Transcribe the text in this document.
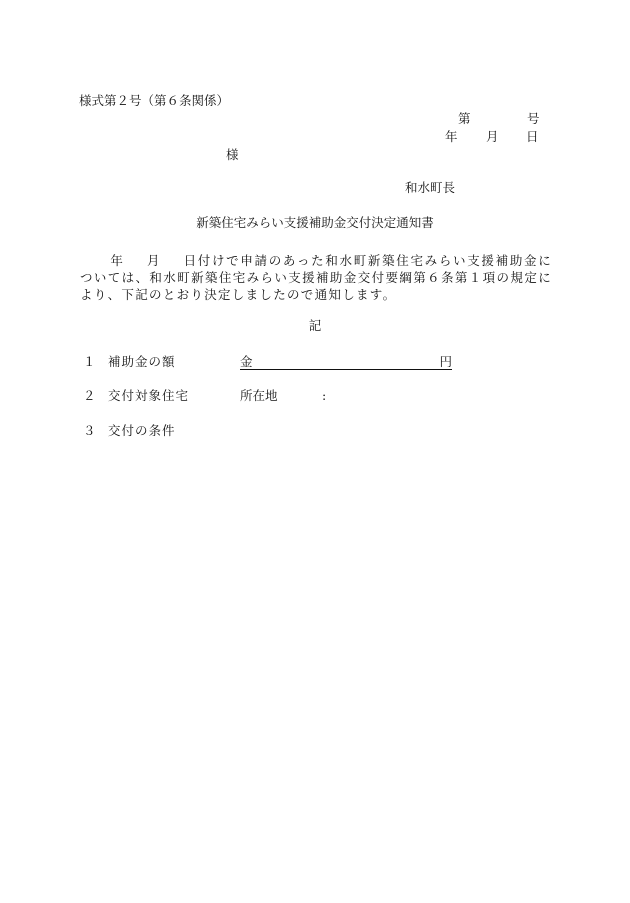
様式第２号（第６条関係）
第	号
年 月 日
様
和水町長
新築住宅みらい支援補助金交付決定通知書
年 月 日付けで申請のあった和水町新築住宅みらい支援補助金については、和水町新築住宅みらい支援補助金交付要綱第６条第１項の規定により、下記のとおり決定しましたので通知します。
記
１ 補助金の額	金	円
２ 交付対象住宅	所在地	:
３ 交付の条件
